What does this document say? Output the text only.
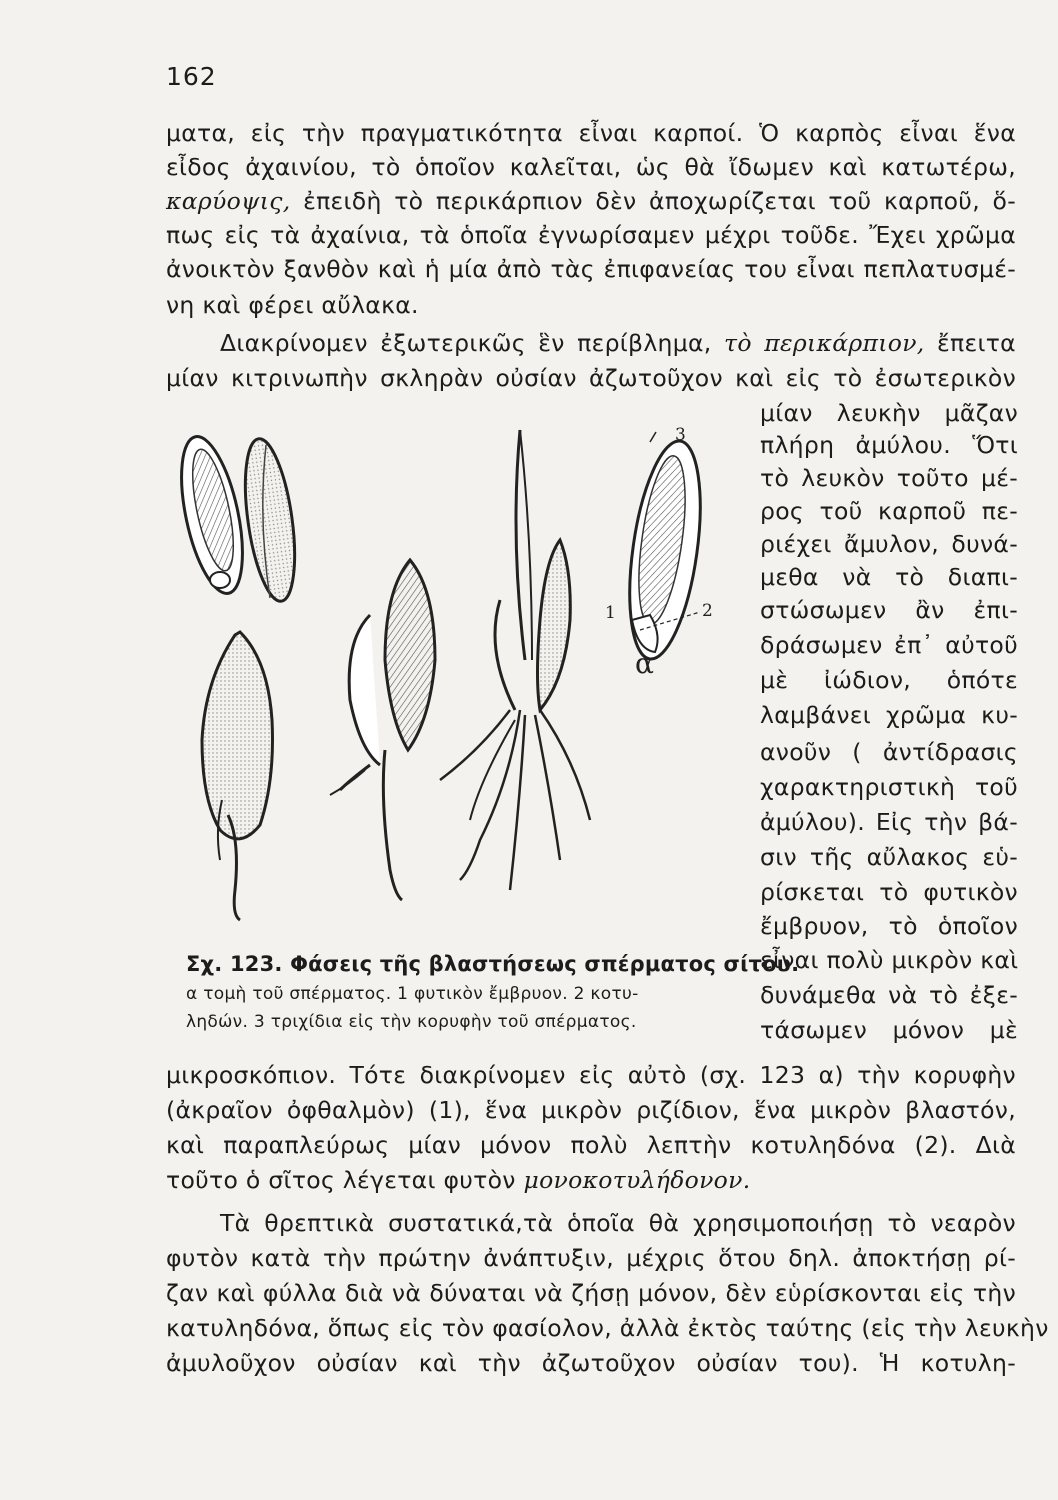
162
ματα, εἰς τὴν πραγματικότητα εἶναι καρποί. Ὁ καρπὸς εἶναι ἕνα
εἶδος ἀχαινίου, τὸ ὁποῖον καλεῖται, ὡς θὰ ἴδωμεν καὶ κατωτέρω,
καρύοψις, ἐπειδὴ τὸ περικάρπιον δὲν ἀποχωρίζεται τοῦ καρποῦ, ὅ-
πως εἰς τὰ ἀχαίνια, τὰ ὁποῖα ἐγνωρίσαμεν μέχρι τοῦδε. Ἔχει χρῶμα
ἀνοικτὸν ξανθὸν καὶ ἡ μία ἀπὸ τὰς ἐπιφανείας του εἶναι πεπλατυσμέ-
νη καὶ φέρει αὔλακα.
Διακρίνομεν ἐξωτερικῶς ἓν περίβλημα, τὸ περικάρπιον, ἔπειτα
μίαν κιτρινωπὴν σκληρὰν οὐσίαν ἀζωτοῦχον καὶ εἰς τὸ ἐσωτερικὸν
μίαν λευκὴν μᾶζαν
πλήρη ἀμύλου. Ὅτι
τὸ λευκὸν τοῦτο μέ-
ρος τοῦ καρποῦ πε-
ριέχει ἄμυλον, δυνά-
μεθα νὰ τὸ διαπι-
στώσωμεν ἂν ἐπι-
δράσωμεν ἐπ᾽ αὐτοῦ
μὲ ἰώδιον, ὁπότε
λαμβάνει χρῶμα κυ-
ανοῦν ( ἀντίδρασις
χαρακτηριστικὴ τοῦ
ἀμύλου). Εἰς τὴν βά-
σιν τῆς αὔλακος εὑ-
ρίσκεται τὸ φυτικὸν
ἔμβρυον, τὸ ὁποῖον
εἶναι πολὺ μικρὸν καὶ
δυνάμεθα νὰ τὸ ἐξε-
τάσωμεν μόνον μὲ
μικροσκόπιον. Τότε διακρίνομεν εἰς αὐτὸ (σχ. 123 α) τὴν κορυφὴν
(ἀκραῖον ὀφθαλμὸν) (1), ἕνα μικρὸν ριζίδιον, ἕνα μικρὸν βλαστόν,
καὶ παραπλεύρως μίαν μόνον πολὺ λεπτὴν κοτυληδόνα (2). Διὰ
τοῦτο ὁ σῖτος λέγεται φυτὸν μονοκοτυλήδονον.
Τὰ θρεπτικὰ συστατικά,τὰ ὁποῖα θὰ χρησιμοποιήσῃ τὸ νεαρὸν
φυτὸν κατὰ τὴν πρώτην ἀνάπτυξιν, μέχρις ὅτου δηλ. ἀποκτήσῃ ρί-
ζαν καὶ φύλλα διὰ νὰ δύναται νὰ ζήσῃ μόνον, δὲν εὑρίσκονται εἰς τὴν
κατυληδόνα, ὅπως εἰς τὸν φασίολον, ἀλλὰ ἐκτὸς ταύτης (εἰς τὴν λευκὴν
ἀμυλοῦχον οὐσίαν καὶ τὴν ἀζωτοῦχον οὐσίαν του). Ἡ κοτυλη-
3
2
1
α
Σχ. 123. Φάσεις τῆς βλαστήσεως σπέρματος σίτου.
α τομὴ τοῦ σπέρματος. 1 φυτικὸν ἔμβρυον. 2 κοτυ-
ληδών. 3 τριχίδια εἰς τὴν κορυφὴν τοῦ σπέρματος.
